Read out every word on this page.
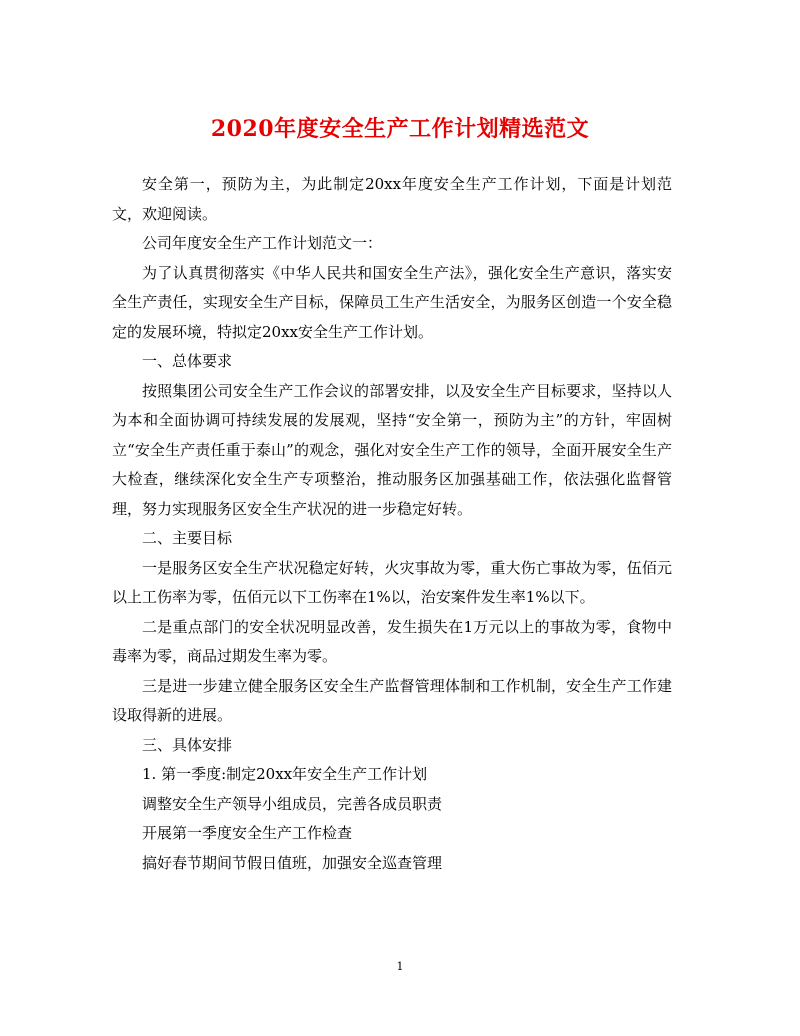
2020年度安全生产工作计划精选范文

安全第一，预防为主，为此制定20xx年度安全生产工作计划，下面是计划范文，欢迎阅读。

公司年度安全生产工作计划范文一：

为了认真贯彻落实《中华人民共和国安全生产法》，强化安全生产意识，落实安全生产责任，实现安全生产目标，保障员工生产生活安全，为服务区创造一个安全稳定的发展环境，特拟定20xx安全生产工作计划。

一、总体要求

按照集团公司安全生产工作会议的部署安排，以及安全生产目标要求，坚持以人为本和全面协调可持续发展的发展观，坚持“安全第一，预防为主”的方针，牢固树立“安全生产责任重于泰山”的观念，强化对安全生产工作的领导，全面开展安全生产大检查，继续深化安全生产专项整治，推动服务区加强基础工作，依法强化监督管理，努力实现服务区安全生产状况的进一步稳定好转。

二、主要目标

一是服务区安全生产状况稳定好转，火灾事故为零，重大伤亡事故为零，伍佰元以上工伤率为零，伍佰元以下工伤率在1%以，治安案件发生率1%以下。

二是重点部门的安全状况明显改善，发生损失在1万元以上的事故为零，食物中毒率为零，商品过期发生率为零。

三是进一步建立健全服务区安全生产监督管理体制和工作机制，安全生产工作建设取得新的进展。

三、具体安排

1. 第一季度:制定20xx年安全生产工作计划

调整安全生产领导小组成员，完善各成员职责

开展第一季度安全生产工作检查

搞好春节期间节假日值班，加强安全巡查管理

1
